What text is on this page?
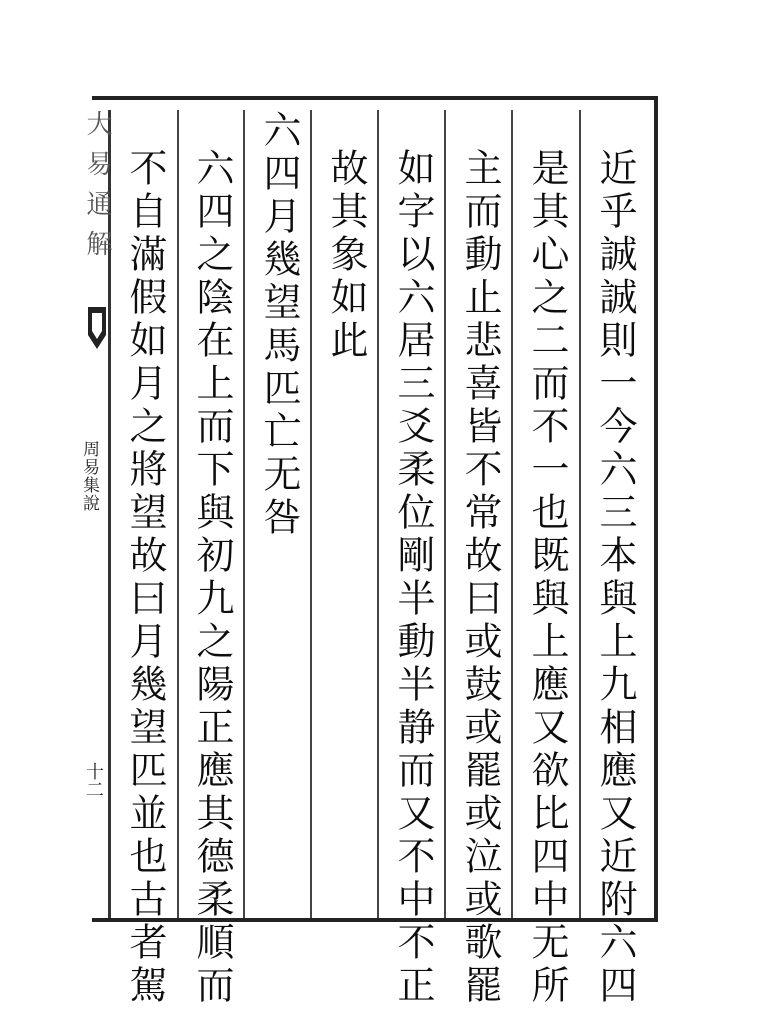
近乎誠誠則一今六三本與上九相應又近附六四
是其心之二而不一也既與上應又欲比四中无所
主而動止悲喜皆不常故曰或鼓或罷或泣或歌罷
如字以六居三爻柔位剛半動半静而又不中不正
故其象如此
六四月幾望馬匹亡无咎
六四之陰在上而下與初九之陽正應其德柔順而
不自滿假如月之將望故曰月幾望匹並也古者駕
大易通解
周易集說
十二
